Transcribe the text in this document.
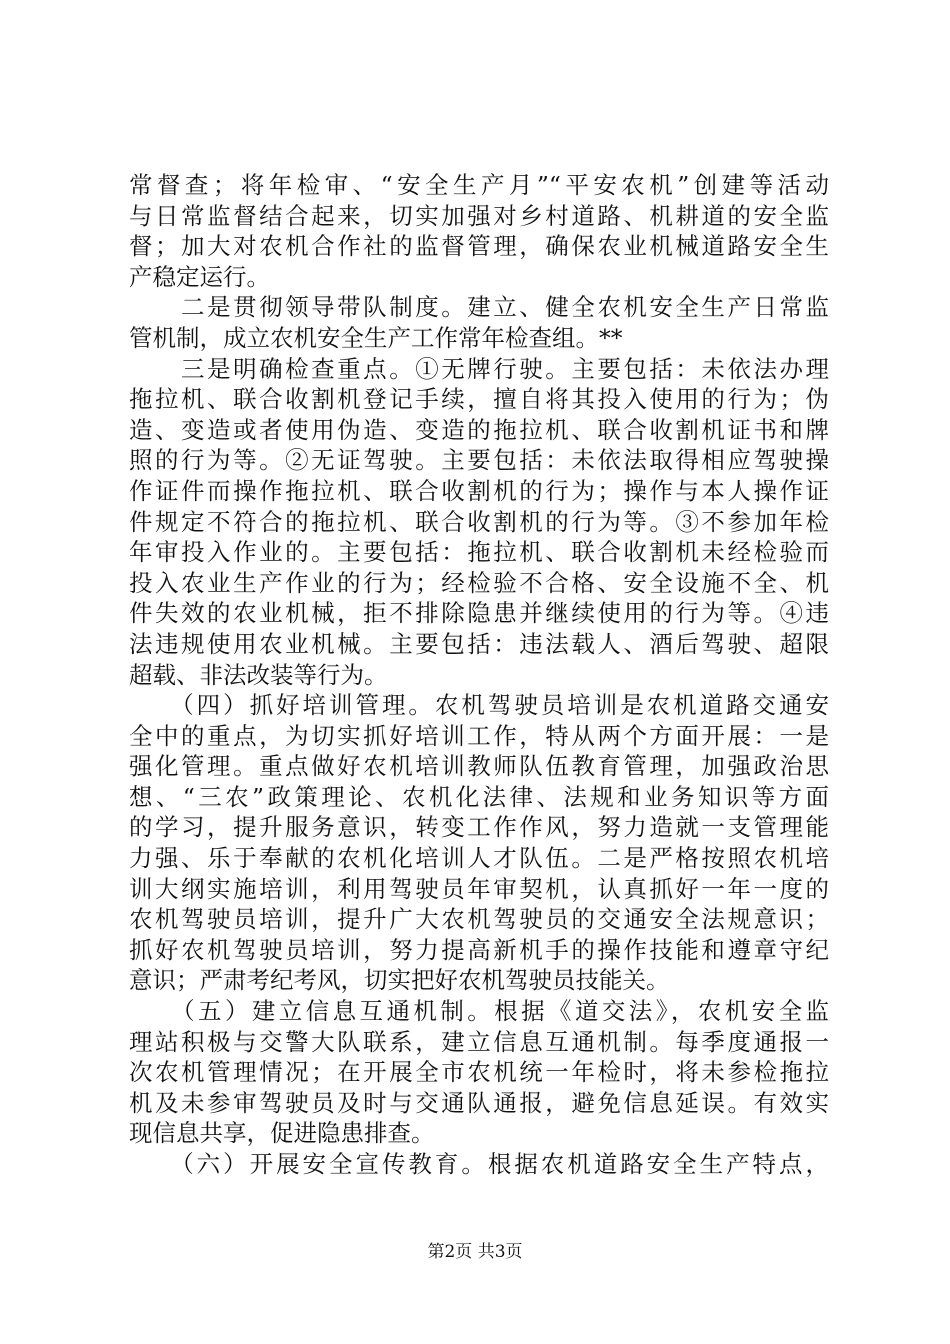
常督查；将年检审、“安全生产月”“平安农机”创建等活动
与日常监督结合起来，切实加强对乡村道路、机耕道的安全监
督；加大对农机合作社的监督管理，确保农业机械道路安全生
产稳定运行。
　　二是贯彻领导带队制度。建立、健全农机安全生产日常监
管机制，成立农机安全生产工作常年检查组。**
　　三是明确检查重点。①无牌行驶。主要包括：未依法办理
拖拉机、联合收割机登记手续，擅自将其投入使用的行为；伪
造、变造或者使用伪造、变造的拖拉机、联合收割机证书和牌
照的行为等。②无证驾驶。主要包括：未依法取得相应驾驶操
作证件而操作拖拉机、联合收割机的行为；操作与本人操作证
件规定不符合的拖拉机、联合收割机的行为等。③不参加年检
年审投入作业的。主要包括：拖拉机、联合收割机未经检验而
投入农业生产作业的行为；经检验不合格、安全设施不全、机
件失效的农业机械，拒不排除隐患并继续使用的行为等。④违
法违规使用农业机械。主要包括：违法载人、酒后驾驶、超限
超载、非法改装等行为。
　　（四）抓好培训管理。农机驾驶员培训是农机道路交通安
全中的重点，为切实抓好培训工作，特从两个方面开展：一是
强化管理。重点做好农机培训教师队伍教育管理，加强政治思
想、“三农”政策理论、农机化法律、法规和业务知识等方面
的学习，提升服务意识，转变工作作风，努力造就一支管理能
力强、乐于奉献的农机化培训人才队伍。二是严格按照农机培
训大纲实施培训，利用驾驶员年审契机，认真抓好一年一度的
农机驾驶员培训，提升广大农机驾驶员的交通安全法规意识；
抓好农机驾驶员培训，努力提高新机手的操作技能和遵章守纪
意识；严肃考纪考风，切实把好农机驾驶员技能关。
　　（五）建立信息互通机制。根据《道交法》，农机安全监
理站积极与交警大队联系，建立信息互通机制。每季度通报一
次农机管理情况；在开展全市农机统一年检时，将未参检拖拉
机及未参审驾驶员及时与交通队通报，避免信息延误。有效实
现信息共享，促进隐患排查。
　　（六）开展安全宣传教育。根据农机道路安全生产特点，
第2页 共3页
